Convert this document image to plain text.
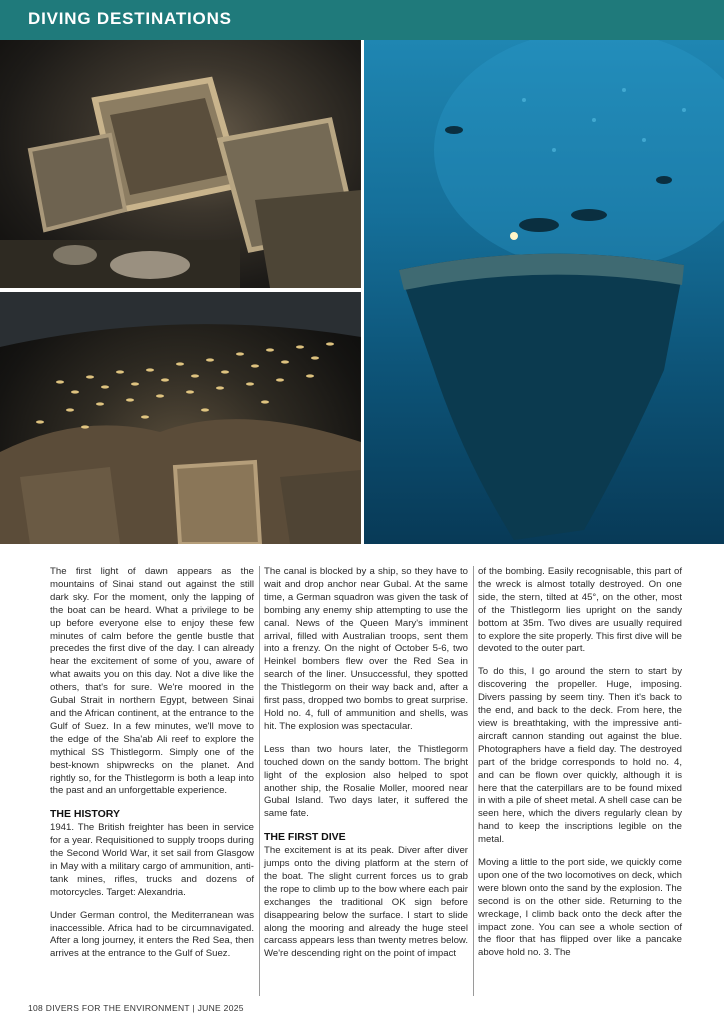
DIVING DESTINATIONS

The first light of dawn appears as the mountains of Sinai stand out against the still dark sky. For the moment, only the lapping of the boat can be heard. What a privilege to be up before everyone else to enjoy these few minutes of calm before the gentle bustle that precedes the first dive of the day. I can already hear the excitement of some of you, aware of what awaits you on this day. Not a dive like the others, that's for sure. We're moored in the Gubal Strait in northern Egypt, between Sinai and the African continent, at the entrance to the Gulf of Suez. In a few minutes, we'll move to the edge of the Sha'ab Ali reef to explore the mythical SS Thistlegorm. Simply one of the best-known shipwrecks on the planet. And rightly so, for the Thistlegorm is both a leap into the past and an unforgettable experience.

THE HISTORY

1941. The British freighter has been in service for a year. Requisitioned to supply troops during the Second World War, it set sail from Glasgow in May with a military cargo of ammunition, anti-tank mines, rifles, trucks and dozens of motorcycles. Target: Alexandria.

Under German control, the Mediterranean was inaccessible. Africa had to be circumnavigated. After a long journey, it enters the Red Sea, then arrives at the entrance to the Gulf of Suez.

The canal is blocked by a ship, so they have to wait and drop anchor near Gubal. At the same time, a German squadron was given the task of bombing any enemy ship attempting to use the canal. News of the Queen Mary's imminent arrival, filled with Australian troops, sent them into a frenzy. On the night of October 5-6, two Heinkel bombers flew over the Red Sea in search of the liner. Unsuccessful, they spotted the Thistlegorm on their way back and, after a first pass, dropped two bombs to great surprise. Hold no. 4, full of ammunition and shells, was hit. The explosion was spectacular.

Less than two hours later, the Thistlegorm touched down on the sandy bottom. The bright light of the explosion also helped to spot another ship, the Rosalie Moller, moored near Gubal Island. Two days later, it suffered the same fate.

THE FIRST DIVE

The excitement is at its peak. Diver after diver jumps onto the diving platform at the stern of the boat. The slight current forces us to grab the rope to climb up to the bow where each pair exchanges the traditional OK sign before disappearing below the surface. I start to slide along the mooring and already the huge steel carcass appears less than twenty metres below. We're descending right on the point of impact

of the bombing. Easily recognisable, this part of the wreck is almost totally destroyed. On one side, the stern, tilted at 45°, on the other, most of the Thistlegorm lies upright on the sandy bottom at 35m. Two dives are usually required to explore the site properly. This first dive will be devoted to the outer part.

To do this, I go around the stern to start by discovering the propeller. Huge, imposing. Divers passing by seem tiny. Then it's back to the end, and back to the deck. From here, the view is breathtaking, with the impressive anti-aircraft cannon standing out against the blue. Photographers have a field day. The destroyed part of the bridge corresponds to hold no. 4, and can be flown over quickly, although it is here that the caterpillars are to be found mixed in with a pile of sheet metal. A shell case can be seen here, which the divers regularly clean by hand to keep the inscriptions legible on the metal.

Moving a little to the port side, we quickly come upon one of the two locomotives on deck, which were blown onto the sand by the explosion. The second is on the other side. Returning to the wreckage, I climb back onto the deck after the impact zone. You can see a whole section of the floor that has flipped over like a pancake above hold no. 3. The

108 DIVERS FOR THE ENVIRONMENT | JUNE 2025
